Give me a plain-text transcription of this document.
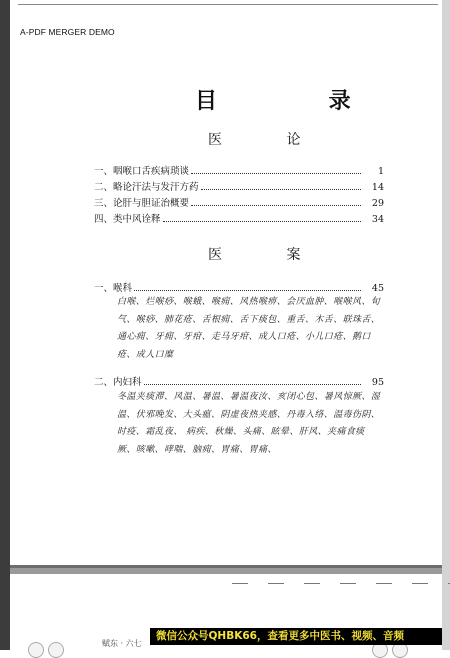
A-PDF MERGER DEMO
目 录
医 论
一、咽喉口舌疾病琐谈	1
二、略论汗法与发汗方药	14
三、论肝与胆证治概要	29
四、类中风诠释	34
医 案
一、喉科	45
白喉、烂喉痧、喉蛾、喉痈、风热喉痹、会厌血肿、喉喉风、旬气、喉痧、肺花疮、舌根痈、舌下痰包、重舌、木舌、联珠舌、通心痈、牙痈、牙疳、走马牙疳、成人口疮、小儿口疮、鹅口疮、成人口糜
二、内妇科	95
冬温夹痰滞、风温、暑温、暑温夜汝、亥闭心包、暑风惊厥、湿温、伏邪晚发、大头瘟、阴虚夜热夹感、丹毒入络、温毒伤阴、时疫、霜乱夜、 病疾、秋燥、头痛、眩晕、肝风、夹痛食痰厥、咳嗽、哮喘、脑痈、胃痛、胃痛、
赋东 · 六七
微信公众号QHBK66，查看更多中医书、视频、音频
